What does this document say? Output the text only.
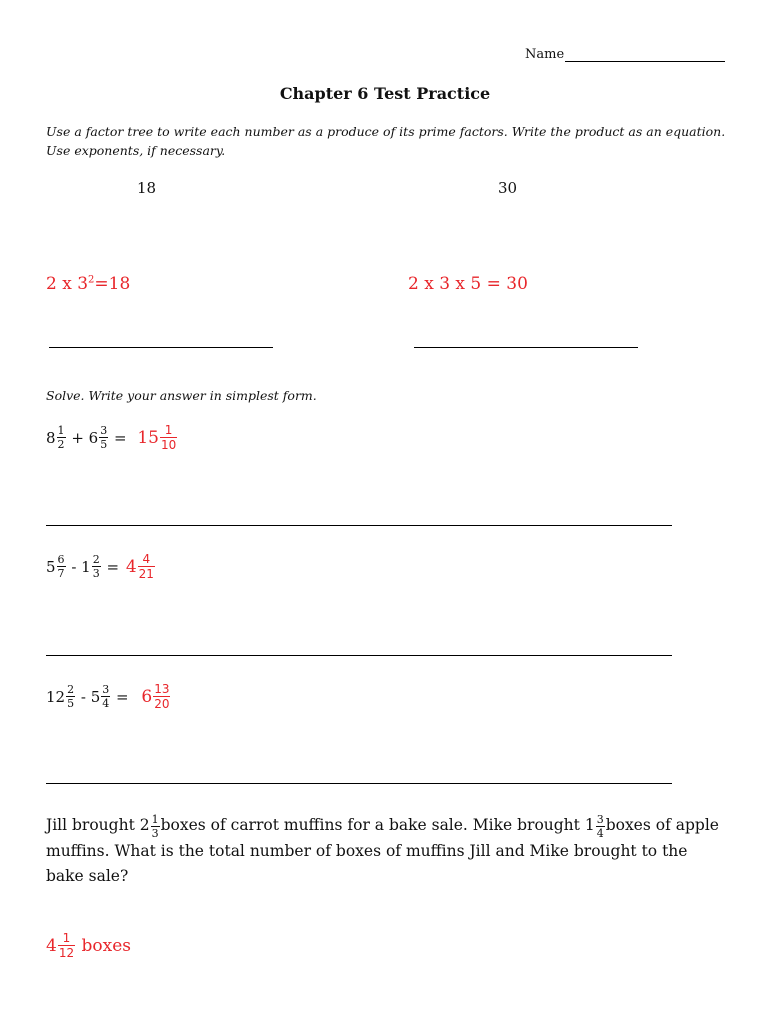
Name
Chapter 6 Test Practice
Use a factor tree to write each number as a produce of its prime factors. Write the product as an equation. Use exponents, if necessary.
18	30
2 x $3^2=18$	2 x 3 x 5 = 30
Solve. Write your answer in simplest form.
$8 \frac{1}{2} + 6 \frac{3}{5} = 15 \frac{1}{10}$
$5 \frac{6}{7} - 1 \frac{2}{3} = 4 \frac{4}{21}$
$12 \frac{2}{5} - 5 \frac{3}{4} = 6 \frac{13}{20}$
Jill brought $2 \frac{1}{3}$ boxes of carrot muffins for a bake sale. Mike brought $1 \frac{3}{4}$ boxes of apple muffins. What is the total number of boxes of muffins Jill and Mike brought to the bake sale?
$4 \frac{1}{12}$ boxes
